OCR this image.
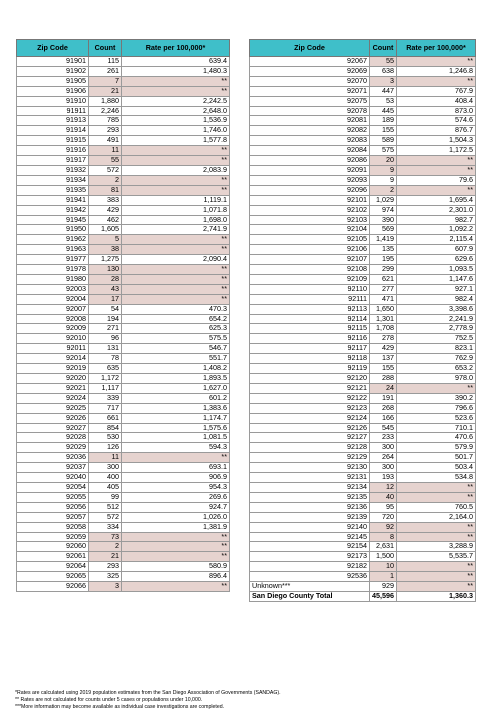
Zip Code	Count	Rate per 100,000*
91901	115	639.4
91902	261	1,480.3
91905	7	**
91906	21	**
91910	1,880	2,242.5
91911	2,246	2,648.0
91913	785	1,536.9
91914	293	1,746.0
91915	491	1,577.8
91916	11	**
91917	55	**
91932	572	2,083.9
91934	2	**
91935	81	**
91941	383	1,119.1
91942	429	1,071.8
91945	462	1,698.0
91950	1,605	2,741.9
91962	5	**
91963	38	**
91977	1,275	2,090.4
91978	130	**
91980	28	**
92003	43	**
92004	17	**
92007	54	470.3
92008	194	654.2
92009	271	625.3
92010	96	575.5
92011	131	546.7
92014	78	551.7
92019	635	1,408.2
92020	1,172	1,893.5
92021	1,117	1,627.0
92024	339	601.2
92025	717	1,383.6
92026	661	1,174.7
92027	854	1,575.6
92028	530	1,081.5
92029	126	594.3
92036	11	**
92037	300	693.1
92040	400	906.9
92054	405	954.3
92055	99	269.6
92056	512	924.7
92057	572	1,026.0
92058	334	1,381.9
92059	73	**
92060	2	**
92061	21	**
92064	293	580.9
92065	325	896.4
92066	3	**
Zip Code	Count	Rate per 100,000*
92067	55	**
92069	638	1,246.8
92070	3	**
92071	447	767.9
92075	53	408.4
92078	445	873.0
92081	189	574.6
92082	155	876.7
92083	589	1,504.3
92084	575	1,172.5
92086	20	**
92091	9	**
92093	9	79.6
92096	2	**
92101	1,029	1,695.4
92102	974	2,301.0
92103	390	982.7
92104	569	1,092.2
92105	1,419	2,115.4
92106	135	607.9
92107	195	629.6
92108	299	1,093.5
92109	621	1,147.6
92110	277	927.1
92111	471	982.4
92113	1,650	3,398.6
92114	1,301	2,241.9
92115	1,708	2,778.9
92116	278	752.5
92117	429	823.1
92118	137	762.9
92119	155	653.2
92120	288	978.0
92121	24	**
92122	191	390.2
92123	268	796.6
92124	166	523.6
92126	545	710.1
92127	233	470.6
92128	300	579.9
92129	264	501.7
92130	300	503.4
92131	193	534.8
92134	12	**
92135	40	**
92136	95	760.5
92139	720	2,164.0
92140	92	**
92145	8	**
92154	2,631	3,288.9
92173	1,500	5,535.7
92182	10	**
92536	1	**
Unknown***	929	**
San Diego County Total	45,596	1,360.3
*Rates are calculated using 2019 population estimates from the San Diego Association of Governments (SANDAG).
** Rates are not calculated for counts under 5 cases or populations under 10,000.
***More information may become available as individual case investigations are completed.
